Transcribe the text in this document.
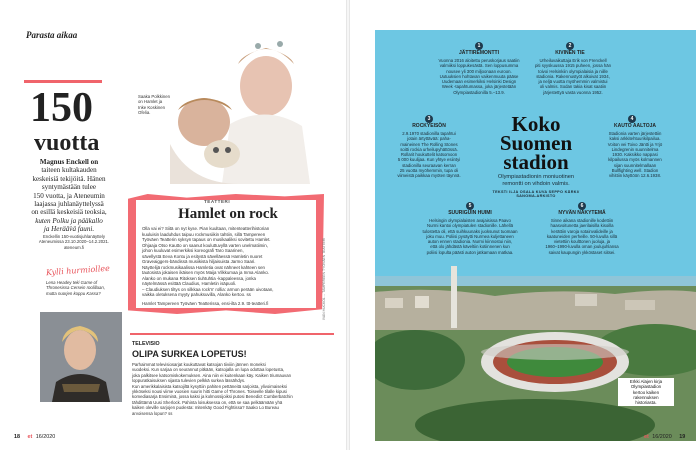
Parasta aikaa
150
vuotta
Magnus Enckell on
taiteen kultakauden
keskeisiä tekijöitä. Hänen
syntymästään tulee
150 vuotta, ja Ateneumin
laajassa juhlanäyttelyssä
on esillä keskeisiä teoksia,
kuten Polku ja pääkallo
ja Herääv̈ä fauni.
Enckellin 150-vuotisjuhlanäyttely
Ateneumissa 23.10.2020–14.2.2021.
ateneum.fi
Saaka Polkkinen
on Hamlet ja
Inke Koskinen
Ofelia.
TEATTERI
Hamlet on rock
Olla vai ei? Siitä on nyt kyse. Pian kuultaan, mitenteatterihistorian
kuuluisin laaduhdus taipuu rockmusiikin tahtiin, sillä Tampereen
Työväen Teatterin syksyn tapaus on musikaaliksi sovitettu Hamlet.
Ohjaaja Otso Kautto on saanut kouluttuvyllä varten unelmatiimin,
johon kuuluvat esimerkiksi koreografi Taro Saarinen,
sävellystä Eeva Kontu ja esitystä sävelläessä Hamletin nuoret
Graveaiggers-bändissä musiikista hiljaisuista Jarmo Saari.
Näyttelijä rockmusikaalissa Hamletia ovat nähneet kahteen sen
tautosista jokaisen ikäisen myös Maija Vilkkumaa ja Inma Alanko.
Alanko on mukana Ritoksen tiuhtuhtia -kappaleessa, jonka
näytelmässä esittää Claudius, Hamletin isäpuoli.
– Claudiuksen tiltys on silkkaa rock'n' rollia: armon perään uivotaan,
vaikka oletuksena myyty pahuksuvilla, Alanko kertoo. ss
Hamlet Tampereen Työväen Teatterissa, ensi-ilta 2.9. ttt-teatteri.fi	IVAN HUCKOL ... TAMPEREEN TYÖVÄEN TEATTERI
Kylli hurmiollee
Lena Headey teki Game of
Thronesissa Cersein roolillaan,
mutta nuorjen koppu Kassa?
TELEVISIO
OLIPA SURKEA LOPETUS!
Parhaimmat televisiosarjat koukuttavat katsojan tiiviiin jännen moneksi
vuodeksi. Kun sarjaa on seurannut pitkään, katsojalla on lupa odottaa lopetusta,
joka palkitsee katsomiskokemuksen. Aina niin ei kuitenkaan käy. Kaiken triumauvan
loppuratkaisuksen sijasta tulevien pelkkä surkea lässähdys.
Kun amerikkalaisista katsojiltä kysyttiin pahiten pettäneitä sarjoista, ylivoimaiseksi
ykköseksi nousi viime vuosien suurin hitti Game of Thrones. Toiseelle tilalle kipusi
komediasarja Ensiminä, jossa kaksi ja kolmossijoiksi putosi Benedict Cumberbatchin
tähdittämä Uusi Sherlock. Pahinta loisuksessa on, että se saa pelkäämään yhä
kaiken oleville sarjojen puolesta: mitenkäy Good Fightissa? Saako Lo Bureau
arvoisensa lopun? ss
18 et 16/2020
1
JÄTTIREMONTTI
Vuonna 2016 aloitettu peruskorjaus saatiin
valmiiksi loppukesästä. Sen loppusumma
nousee yli 300 miljoonaan euroon.
Uutuuksien hohtavan vaikenmuuta pääse
Uudemaan esimerkiksi Helsinki Design
Week -tapahtumassa, joka järjestetään
Olympiastadionilla 5.–13.9.
2
KIVINEN TIE
Urheiluvaikuttaja Erik von Frenckell
piti syyskuussa 1915 puheen, jossa hän
toivoi Helsinkiin olympialaisia ja niille
stadionia. Rakennustyöt alkoivat 1934,
ja neljä vuotta myöhemmin valmistui
oli valmis. Sodan takia kisat saatiin
järjestettyä vasta vuonna 1952.
3
ROCKYEISÖN
2.9.1970 stadionilla tapahtui
jotain ärtyttävää: paha-
maineinen The Rolling Stones
soitti rockia urheilupyhättössä.
Rollarit houkuttelit katsomoon
5 000 kuulijaa. Kun yhtye esiintyi
stadionilla seuraavan kerran
25 vuotta myöhemmin, tupa oli
viimeistä paikkaa myöten täynnä.
Koko
Suomen
stadion
Olympiastadionin moniuotinen
remontti on vihdoin valmis.
TEKSTI ILJA OSALA KUVA SEPPO KÄRKI/
SANOMA-ARKISTO
4
KAUTO AALTOJA
Stadionia varten järjestettiin
kaksi arkkitehtuurikilpailua.
Voiton vei Toivo Jäntti ja Yrjö
Lindegrenin suunnitelma
1930. Kaksikko nappasi
kilpailussa myös kolmannen
sijan suunnitelmallaan
Bullfighting well. Stadion
vihittiin käyttöön 12.6.1938.
5
SUURIGUIN HUIMI
Helsingin olympialaisten avajaisissa Paavo
Nurmi kantoi olympiatulen stadionille. Lähellä
tulostetta oli, että suihkuunaks juoksunut tuomaan
joku muu. Poliisi pysäytti Nurmea kuljettaneen
auton ennen stadionia. Nurmi kiinnostui niin,
että olo jähdästä käveltiin kotiinnenen kun
poliisi lopulta päästi auton jatkamaan matkaa.
6
NYVÄN NÄKYTEMÄ
Sinne aikana stadionille kodettiin
haasvoitunetta jaerilaisilla kisoilla
kerättiin varoja sotainvalideille ja
kaatuneiden perheille. 50-luvulla sillä
vietettiin koulttonen juoluja, ja
1960–1990-luvulla oman joulujuhlansa
saivat kaupungin ykköstaset siitsei.
Erkki Alajen kirja
Olympiastadion
kertoo kaiken
rakennuksen
historiasta.
et 16/2020 19
